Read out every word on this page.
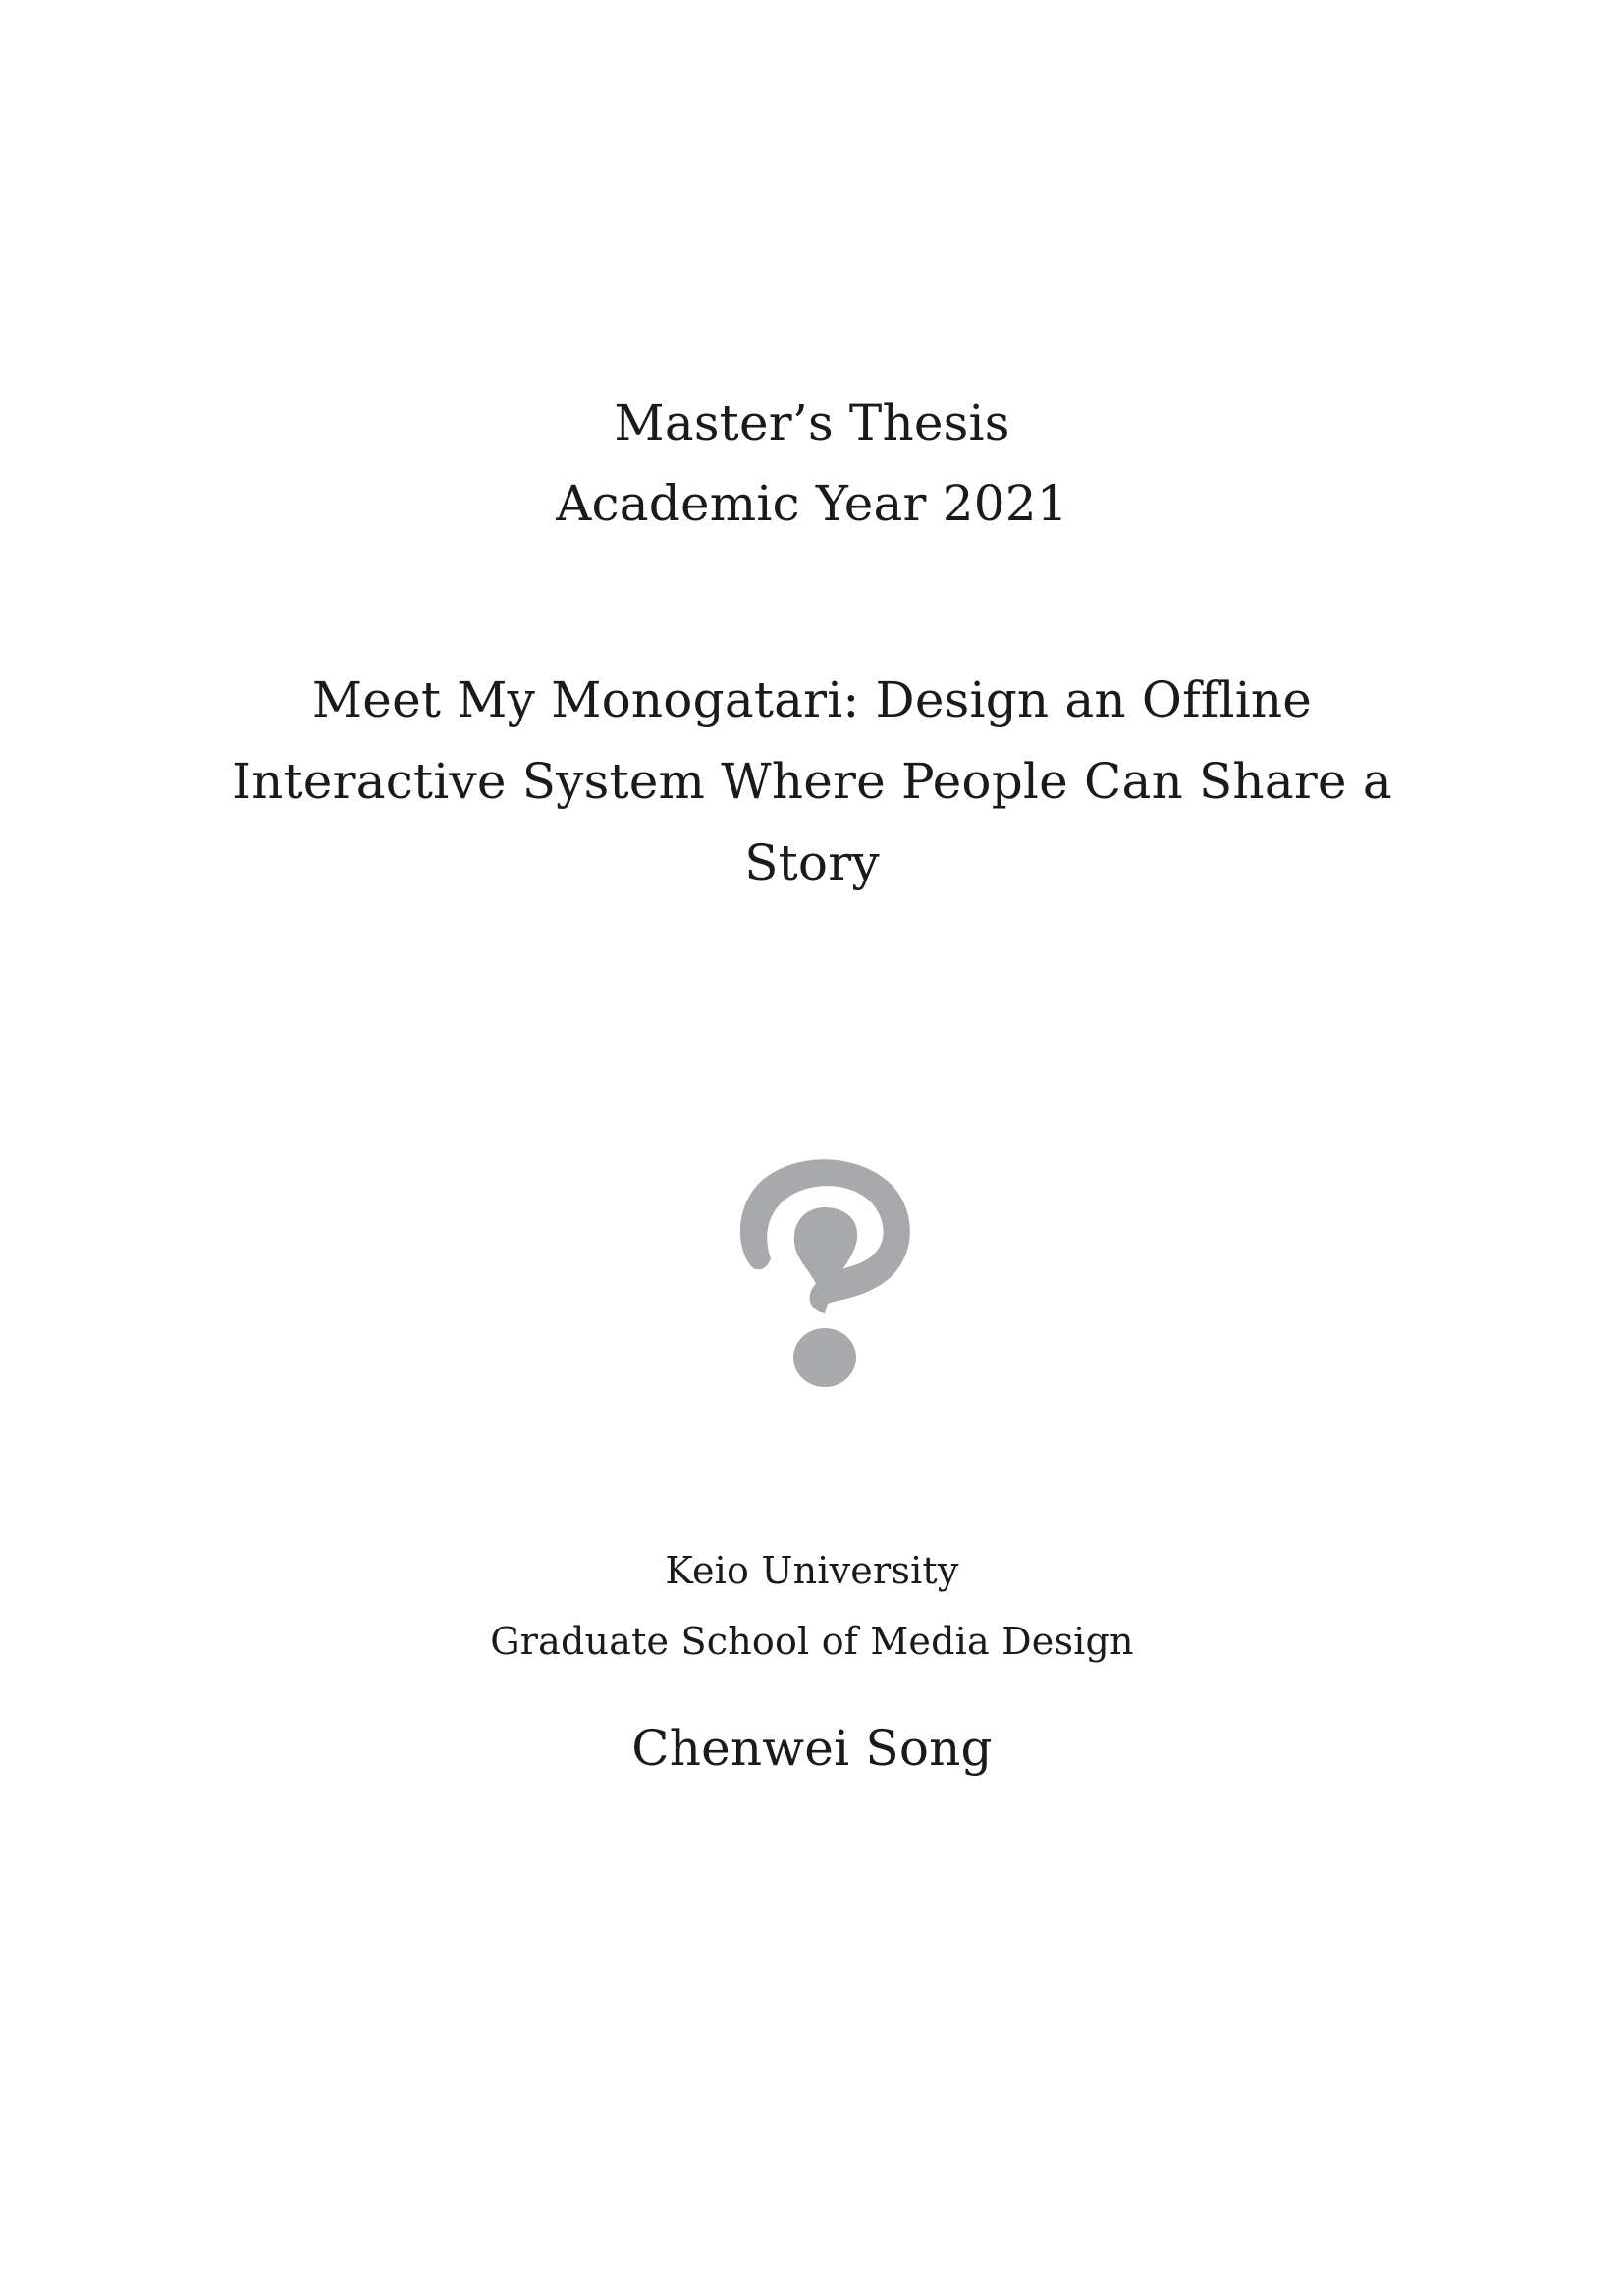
Master’s Thesis
Academic Year 2021
Meet My Monogatari: Design an Offline
Interactive System Where People Can Share a
Story
Keio University
Graduate School of Media Design
Chenwei Song
